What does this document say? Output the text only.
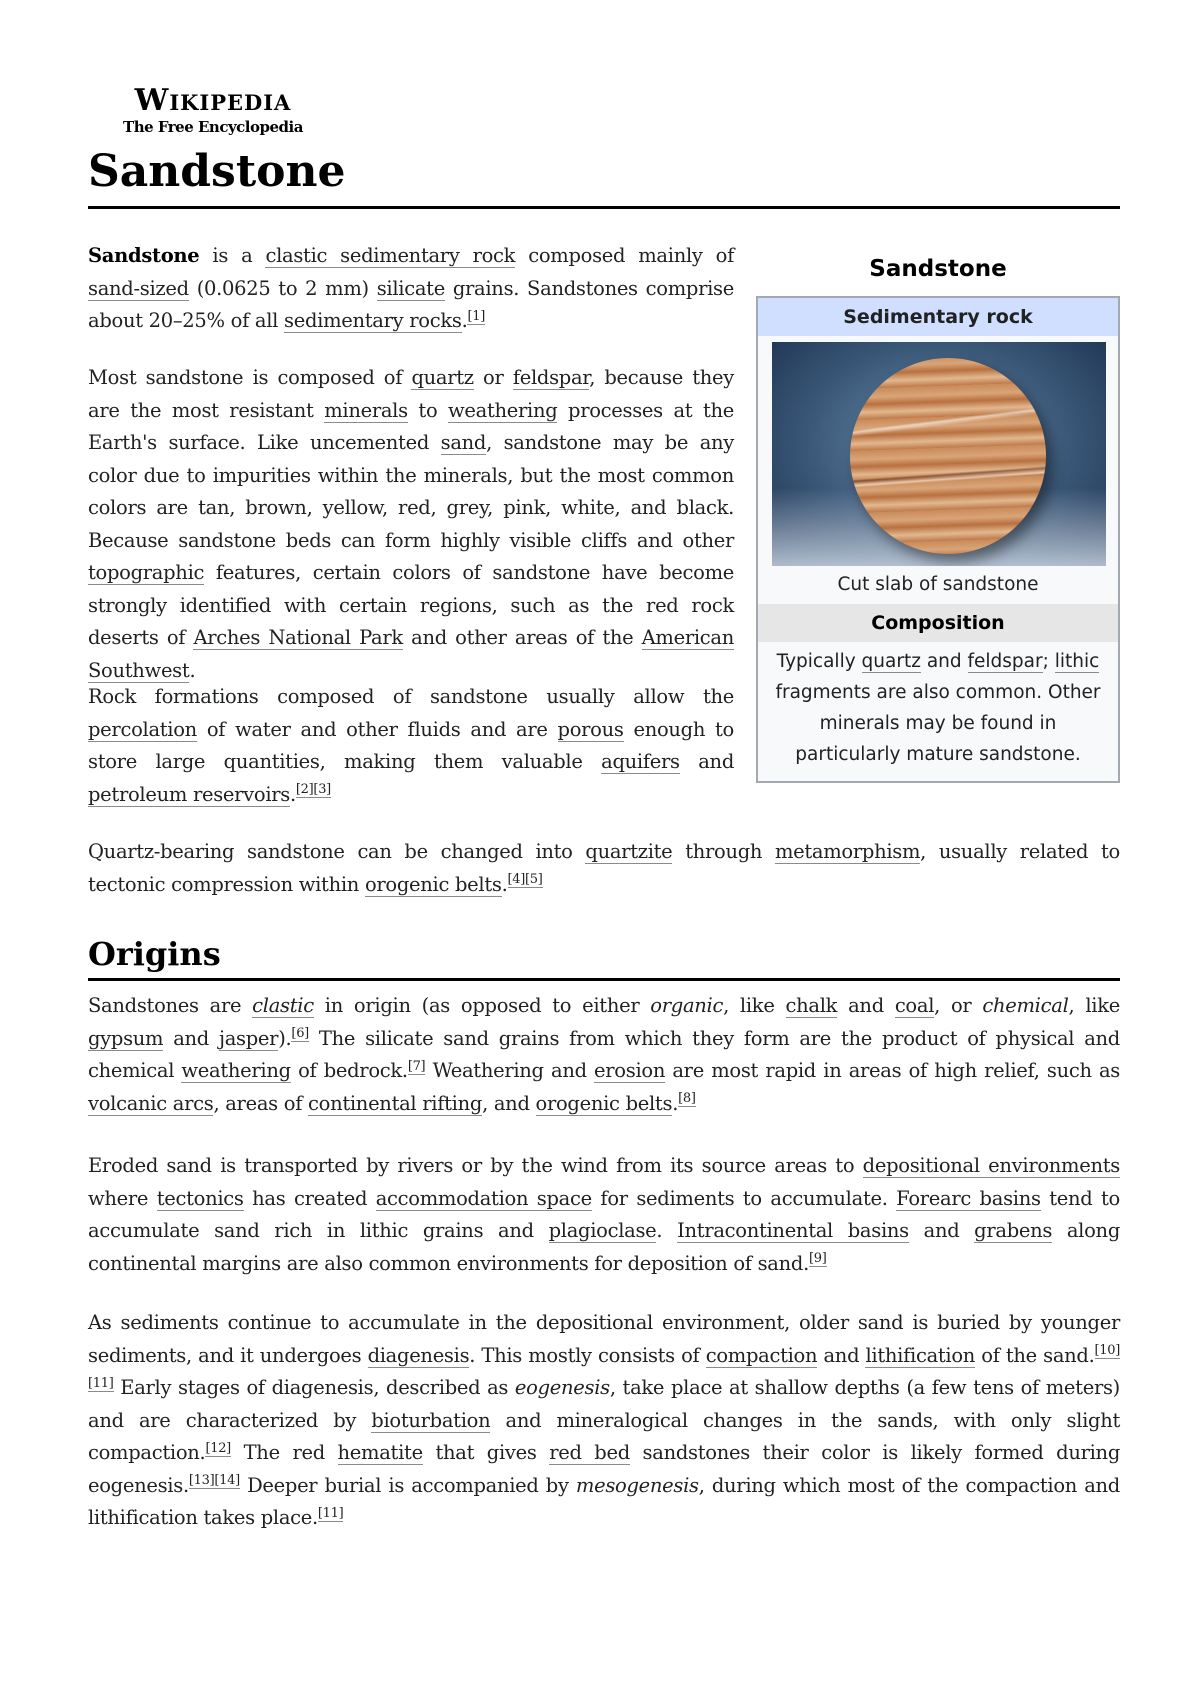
Wikipedia
The Free Encyclopedia
Sandstone
Sandstone
Sedimentary rock
Cut slab of sandstone
Composition
Typically quartz and feldspar; lithic fragments are also common. Other minerals may be found in particularly mature sandstone.

Sandstone is a clastic sedimentary rock composed mainly of sand-sized (0.0625 to 2 mm) silicate grains. Sandstones comprise about 20–25% of all sedimentary rocks.[1]

Most sandstone is composed of quartz or feldspar, because they are the most resistant minerals to weathering processes at the Earth's surface. Like uncemented sand, sandstone may be any color due to impurities within the minerals, but the most common colors are tan, brown, yellow, red, grey, pink, white, and black. Because sandstone beds can form highly visible cliffs and other topographic features, certain colors of sandstone have become strongly identified with certain regions, such as the red rock deserts of Arches National Park and other areas of the American Southwest.

Rock formations composed of sandstone usually allow the percolation of water and other fluids and are porous enough to store large quantities, making them valuable aquifers and petroleum reservoirs.[2][3]

Quartz-bearing sandstone can be changed into quartzite through metamorphism, usually related to tectonic compression within orogenic belts.[4][5]

Origins

Sandstones are clastic in origin (as opposed to either organic, like chalk and coal, or chemical, like gypsum and jasper).[6] The silicate sand grains from which they form are the product of physical and chemical weathering of bedrock.[7] Weathering and erosion are most rapid in areas of high relief, such as volcanic arcs, areas of continental rifting, and orogenic belts.[8]

Eroded sand is transported by rivers or by the wind from its source areas to depositional environments where tectonics has created accommodation space for sediments to accumulate. Forearc basins tend to accumulate sand rich in lithic grains and plagioclase. Intracontinental basins and grabens along continental margins are also common environments for deposition of sand.[9]

As sediments continue to accumulate in the depositional environment, older sand is buried by younger sediments, and it undergoes diagenesis. This mostly consists of compaction and lithification of the sand.[10][11] Early stages of diagenesis, described as eogenesis, take place at shallow depths (a few tens of meters) and are characterized by bioturbation and mineralogical changes in the sands, with only slight compaction.[12] The red hematite that gives red bed sandstones their color is likely formed during eogenesis.[13][14] Deeper burial is accompanied by mesogenesis, during which most of the compaction and lithification takes place.[11]
